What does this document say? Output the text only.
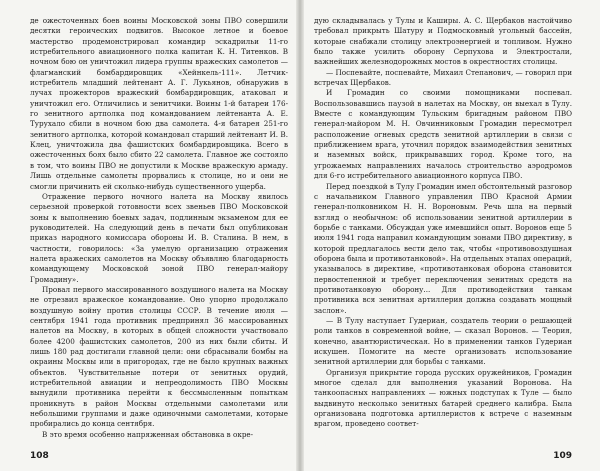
де ожесточенных боев воины Московской зоны ПВО совершили десятки героических подвигов. Высокое летное и боевое мастерство продемонстрировал командир эскадрильи 11-го истребительного авиационного полка капитан К. Н. Титенков. В ночном бою он уничтожил лидера группы вражеских самолетов — флагманский бомбардировщик «Хейнкель-111». Летчик-истребитель младший лейтенант А. Г. Лукьянов, обнаружив в лучах прожекторов вражеский бомбардировщик, атаковал и уничтожил его. Отличились и зенитчики. Воины 1-й батареи 176-го зенитного артполка под командованием лейтенанта А. Е. Турухало сбили в ночном бою два самолета. 4-я батарея 251-го зенитного артполка, которой командовал старший лейтенант И. В. Клец, уничтожила два фашистских бомбардировщика. Всего в ожесточенных боях было сбито 22 самолета. Главное же состояло в том, что воины ПВО не допустили к Москве вражескую армаду. Лишь отдельные самолеты прорвались к столице, но и они не смогли причинить ей сколько-нибудь существенного ущерба.

Отражение первого ночного налета на Москву явилось серьезной проверкой готовности всех звеньев ПВО Московской зоны к выполнению боевых задач, подлинным экзаменом для ее руководителей. На следующий день в печати был опубликован приказ народного комиссара обороны И. В. Сталина. В нем, в частности, говорилось: «За умелую организацию отражения налета вражеских самолетов на Москву объявляю благодарность командующему Московской зоной ПВО генерал-майору Громадину».

Провал первого массированного воздушного налета на Москву не отрезвил вражеское командование. Оно упорно продолжало воздушную войну против столицы СССР. В течение июля — сентября 1941 года противник предпринял 36 массированных налетов на Москву, в которых в общей сложности участвовало более 4200 фашистских самолетов, 200 из них были сбиты. И лишь 180 рад достигали главной цели: они сбрасывали бомбы на окраины Москвы или в пригородах, где не было крупных важных объектов. Чувствительные потери от зенитных орудий, истребительной авиации и непреодолимость ПВО Москвы вынудили противника перейти к бессмысленным попыткам проникнуть в район Москвы отдельными самолетами или небольшими группами и даже одиночными самолетами, которые пробирались до конца сентября.

В это время особенно напряженная обстановка в окре-

108

дую складывалась у Тулы и Каширы. А. С. Щербаков настойчиво требовал прикрыть Шатуру и Подмосковный угольный бассейн, которые снабжали столицу электроэнергией и топливом. Нужно было также усилить оборону Серпухова и Электростали, важнейших железнодорожных мостов в окрестностях столицы.

— Поспевайте, поспевайте, Михаил Степанович, — говорил при встречах Щербаков.

И Громадин со своими помощниками поспевал. Воспользовавшись паузой в налетах на Москву, он выехал в Тулу. Вместе с командующим Тульским бригадным районом ПВО генерал-майором М. Н. Овчинниковым Громадин пересмотрел расположение огневых средств зенитной артиллерии в связи с приближением врага, уточнил порядок взаимодействия зенитных и наземных войск, прикрывавших город. Кроме того, на угрожаемых направлениях началось строительство аэродромов для 6-го истребительного авиационного корпуса ПВО.

Перед поездкой в Тулу Громадин имел обстоятельный разговор с начальником Главного управления ПВО Красной Армии генерал-полковником Н. Н. Вороновым. Речь шла на первый взгляд о необычном: об использовании зенитной артиллерии в борьбе с танками. Обсуждая уже имевшийся опыт. Воронов еще 5 июля 1941 года направил командующим зонами ПВО директиву, в которой предлагалось вести дело так, чтобы «противовоздушная оборона была и противотанковой». На отдельных этапах операций, указывалось в директиве, «противотанковая оборона становится первостепенной и требует переключения зенитных средств на противотанковую оборону... Для противодействия танкам противника вся зенитная артиллерия должна создавать мощный заслон».

— В Тулу наступает Гудериан, создатель теории о решающей роли танков в современной войне, — сказал Воронов. — Теория, конечно, авантюристическая. Но в применении танков Гудериан искушен. Помогите на месте организовать использование зенитной артиллерии для борьбы с танками.

Организуя прикрытие города русских оружейников, Громадин многое сделал для выполнения указаний Воронова. На танкоопасных направлениях — южных подступах к Туле — было выдвинуто несколько зенитных батарей среднего калибра. Была организована подготовка артиллеристов к встрече с наземным врагом, проведено соответ-

109
